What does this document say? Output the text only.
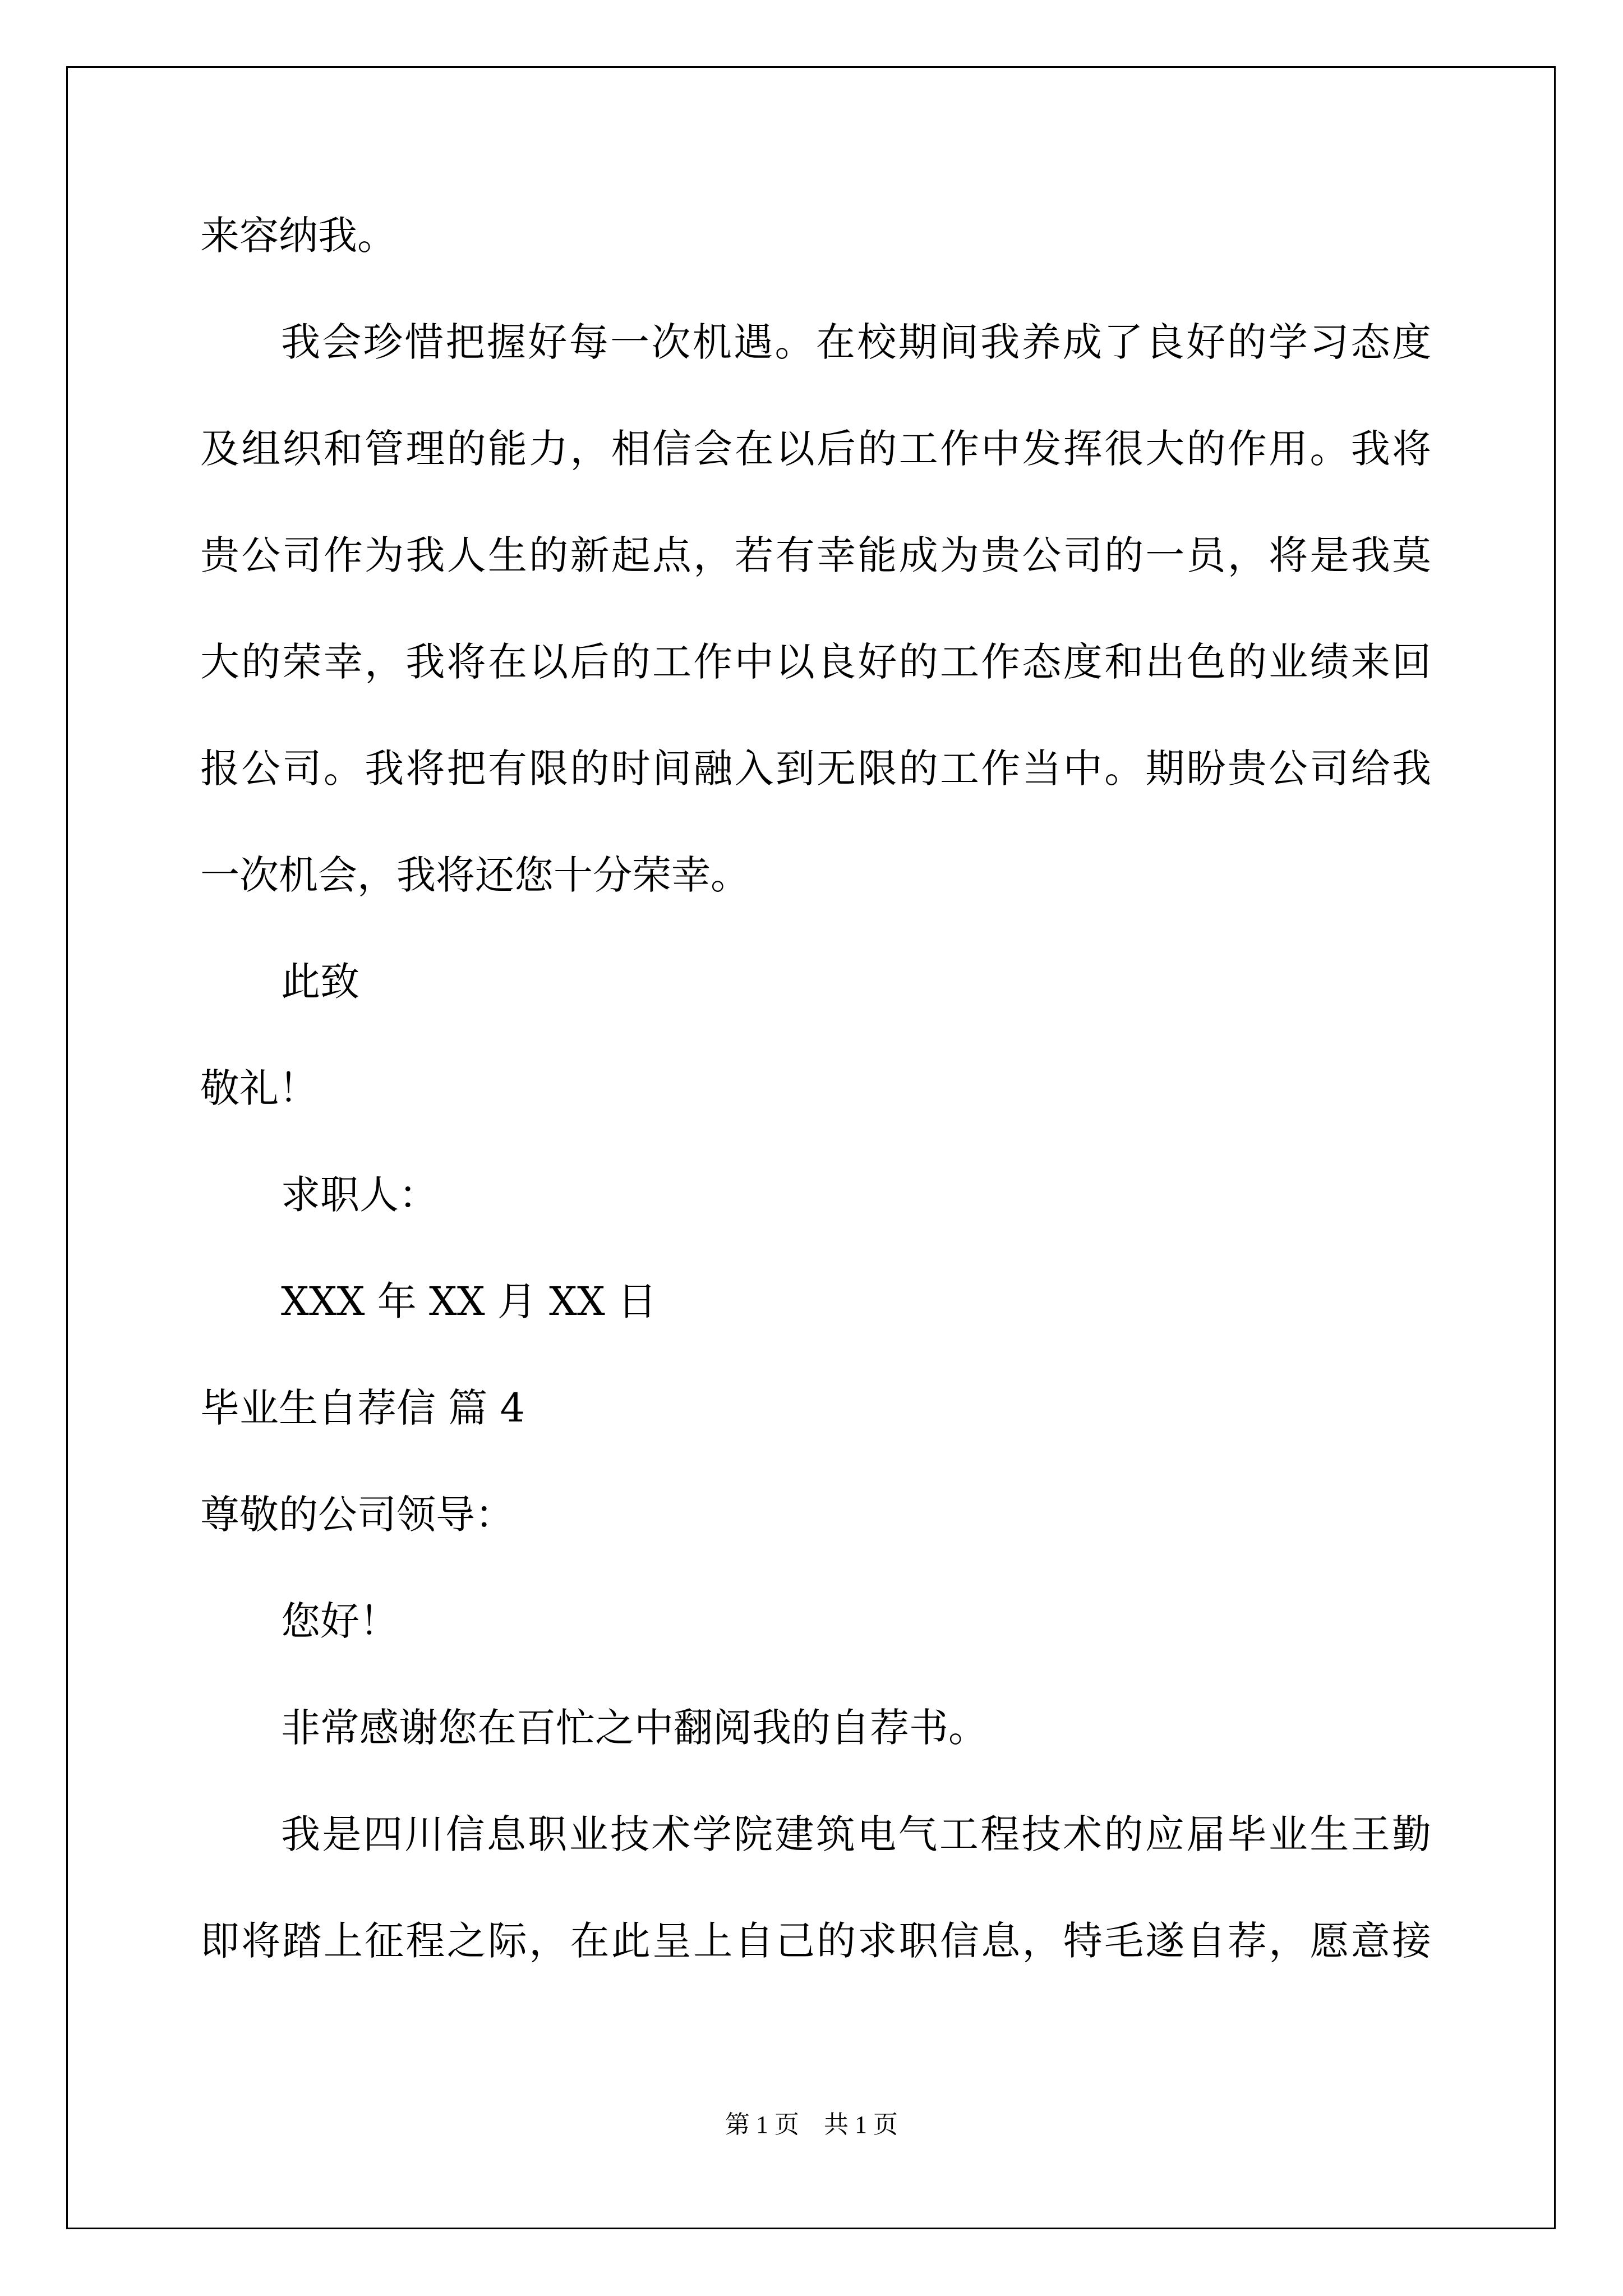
来容纳我。
我会珍惜把握好每一次机遇。在校期间我养成了良好的学习态度
及组织和管理的能力，相信会在以后的工作中发挥很大的作用。我将
贵公司作为我人生的新起点，若有幸能成为贵公司的一员，将是我莫
大的荣幸，我将在以后的工作中以良好的工作态度和出色的业绩来回
报公司。我将把有限的时间融入到无限的工作当中。期盼贵公司给我
一次机会，我将还您十分荣幸。
此致
敬礼！
求职人：
XXX 年 XX 月 XX 日
毕业生自荐信 篇 4
尊敬的公司领导：
您好！
非常感谢您在百忙之中翻阅我的自荐书。
我是四川信息职业技术学院建筑电气工程技术的应届毕业生王勤
即将踏上征程之际，在此呈上自己的求职信息，特毛遂自荐，愿意接
第 1 页　共 1 页
